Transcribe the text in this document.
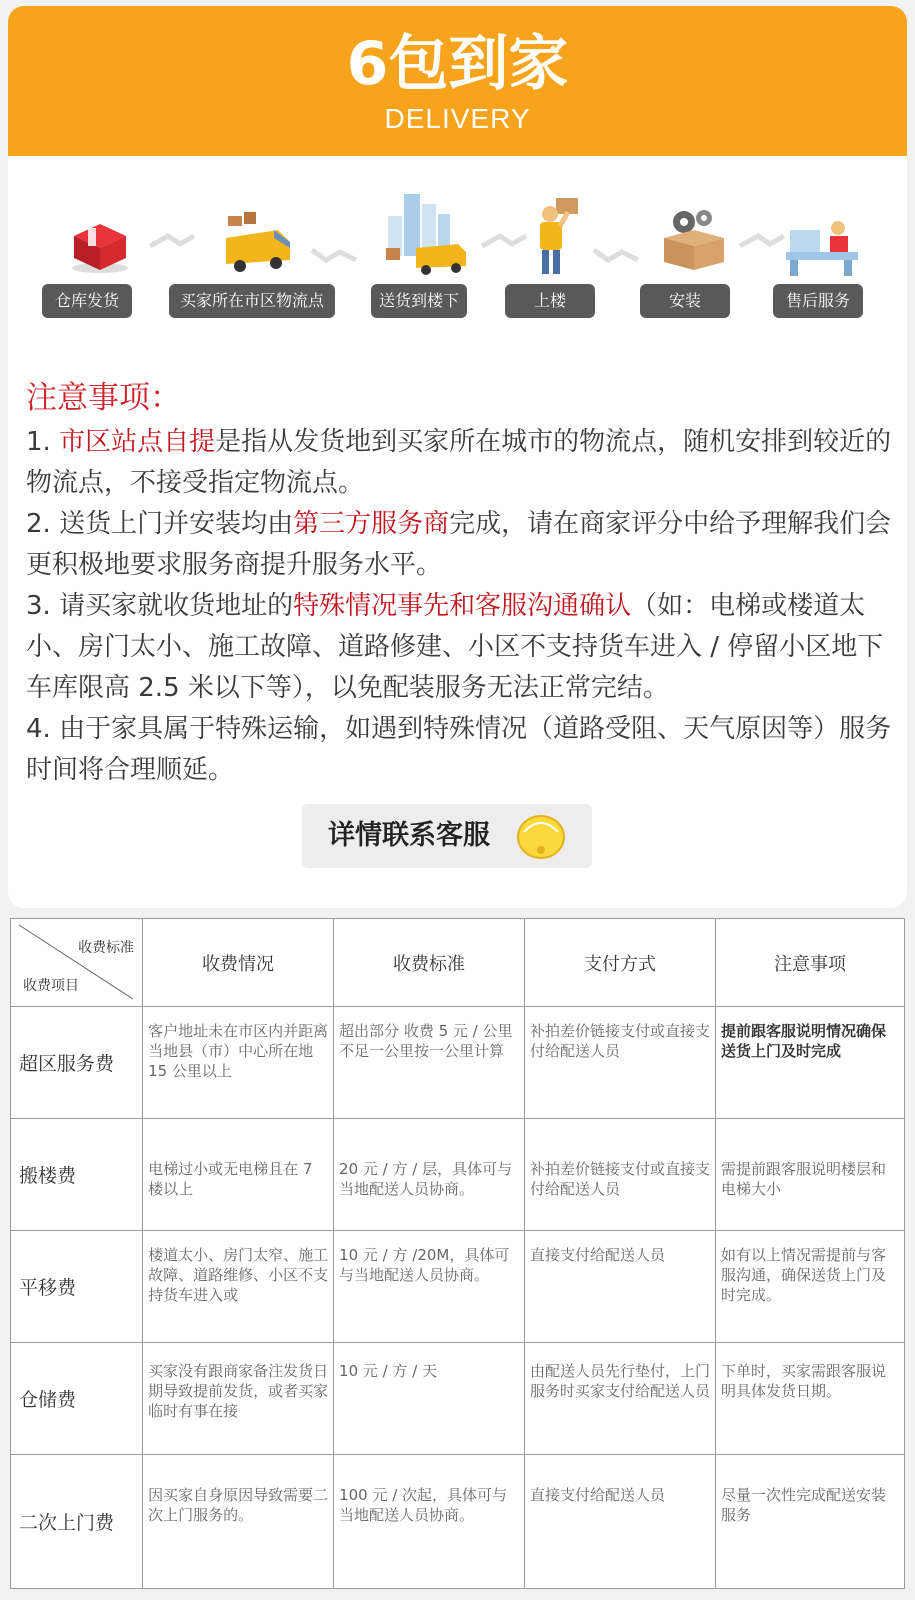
6包到家
DELIVERY
仓库发货	买家所在市区物流点	送货到楼下	上楼	安装	售后服务
注意事项：
1. 市区站点自提是指从发货地到买家所在城市的物流点，随机安排到较近的物流点，不接受指定物流点。
2. 送货上门并安装均由第三方服务商完成，请在商家评分中给予理解我们会更积极地要求服务商提升服务水平。
3. 请买家就收货地址的特殊情况事先和客服沟通确认（如：电梯或楼道太小、房门太小、施工故障、道路修建、小区不支持货车进入 / 停留小区地下车库限高 2.5 米以下等），以免配装服务无法正常完结。
4. 由于家具属于特殊运输，如遇到特殊情况（道路受阻、天气原因等）服务时间将合理顺延。
详情联系客服
收费标准
收费项目	收费情况	收费标准	支付方式	注意事项
超区服务费	客户地址未在市区内并距离当地县（市）中心所在地 15 公里以上	超出部分 收费 5 元 / 公里 不足一公里按一公里计算	补拍差价链接支付或直接支付给配送人员	提前跟客服说明情况确保送货上门及时完成
搬楼费	电梯过小或无电梯且在 7 楼以上	20 元 / 方 / 层，具体可与当地配送人员协商。	补拍差价链接支付或直接支付给配送人员	需提前跟客服说明楼层和电梯大小
平移费	楼道太小、房门太窄、施工故障、道路维修、小区不支持货车进入或	10 元 / 方 /20M，具体可与当地配送人员协商。	直接支付给配送人员	如有以上情况需提前与客服沟通，确保送货上门及时完成。
仓储费	买家没有跟商家备注发货日期导致提前发货，或者买家临时有事在接	10 元 / 方 / 天	由配送人员先行垫付，上门服务时买家支付给配送人员	下单时，买家需跟客服说明具体发货日期。
二次上门费	因买家自身原因导致需要二次上门服务的。	100 元 / 次起，具体可与当地配送人员协商。	直接支付给配送人员	尽量一次性完成配送安装服务
